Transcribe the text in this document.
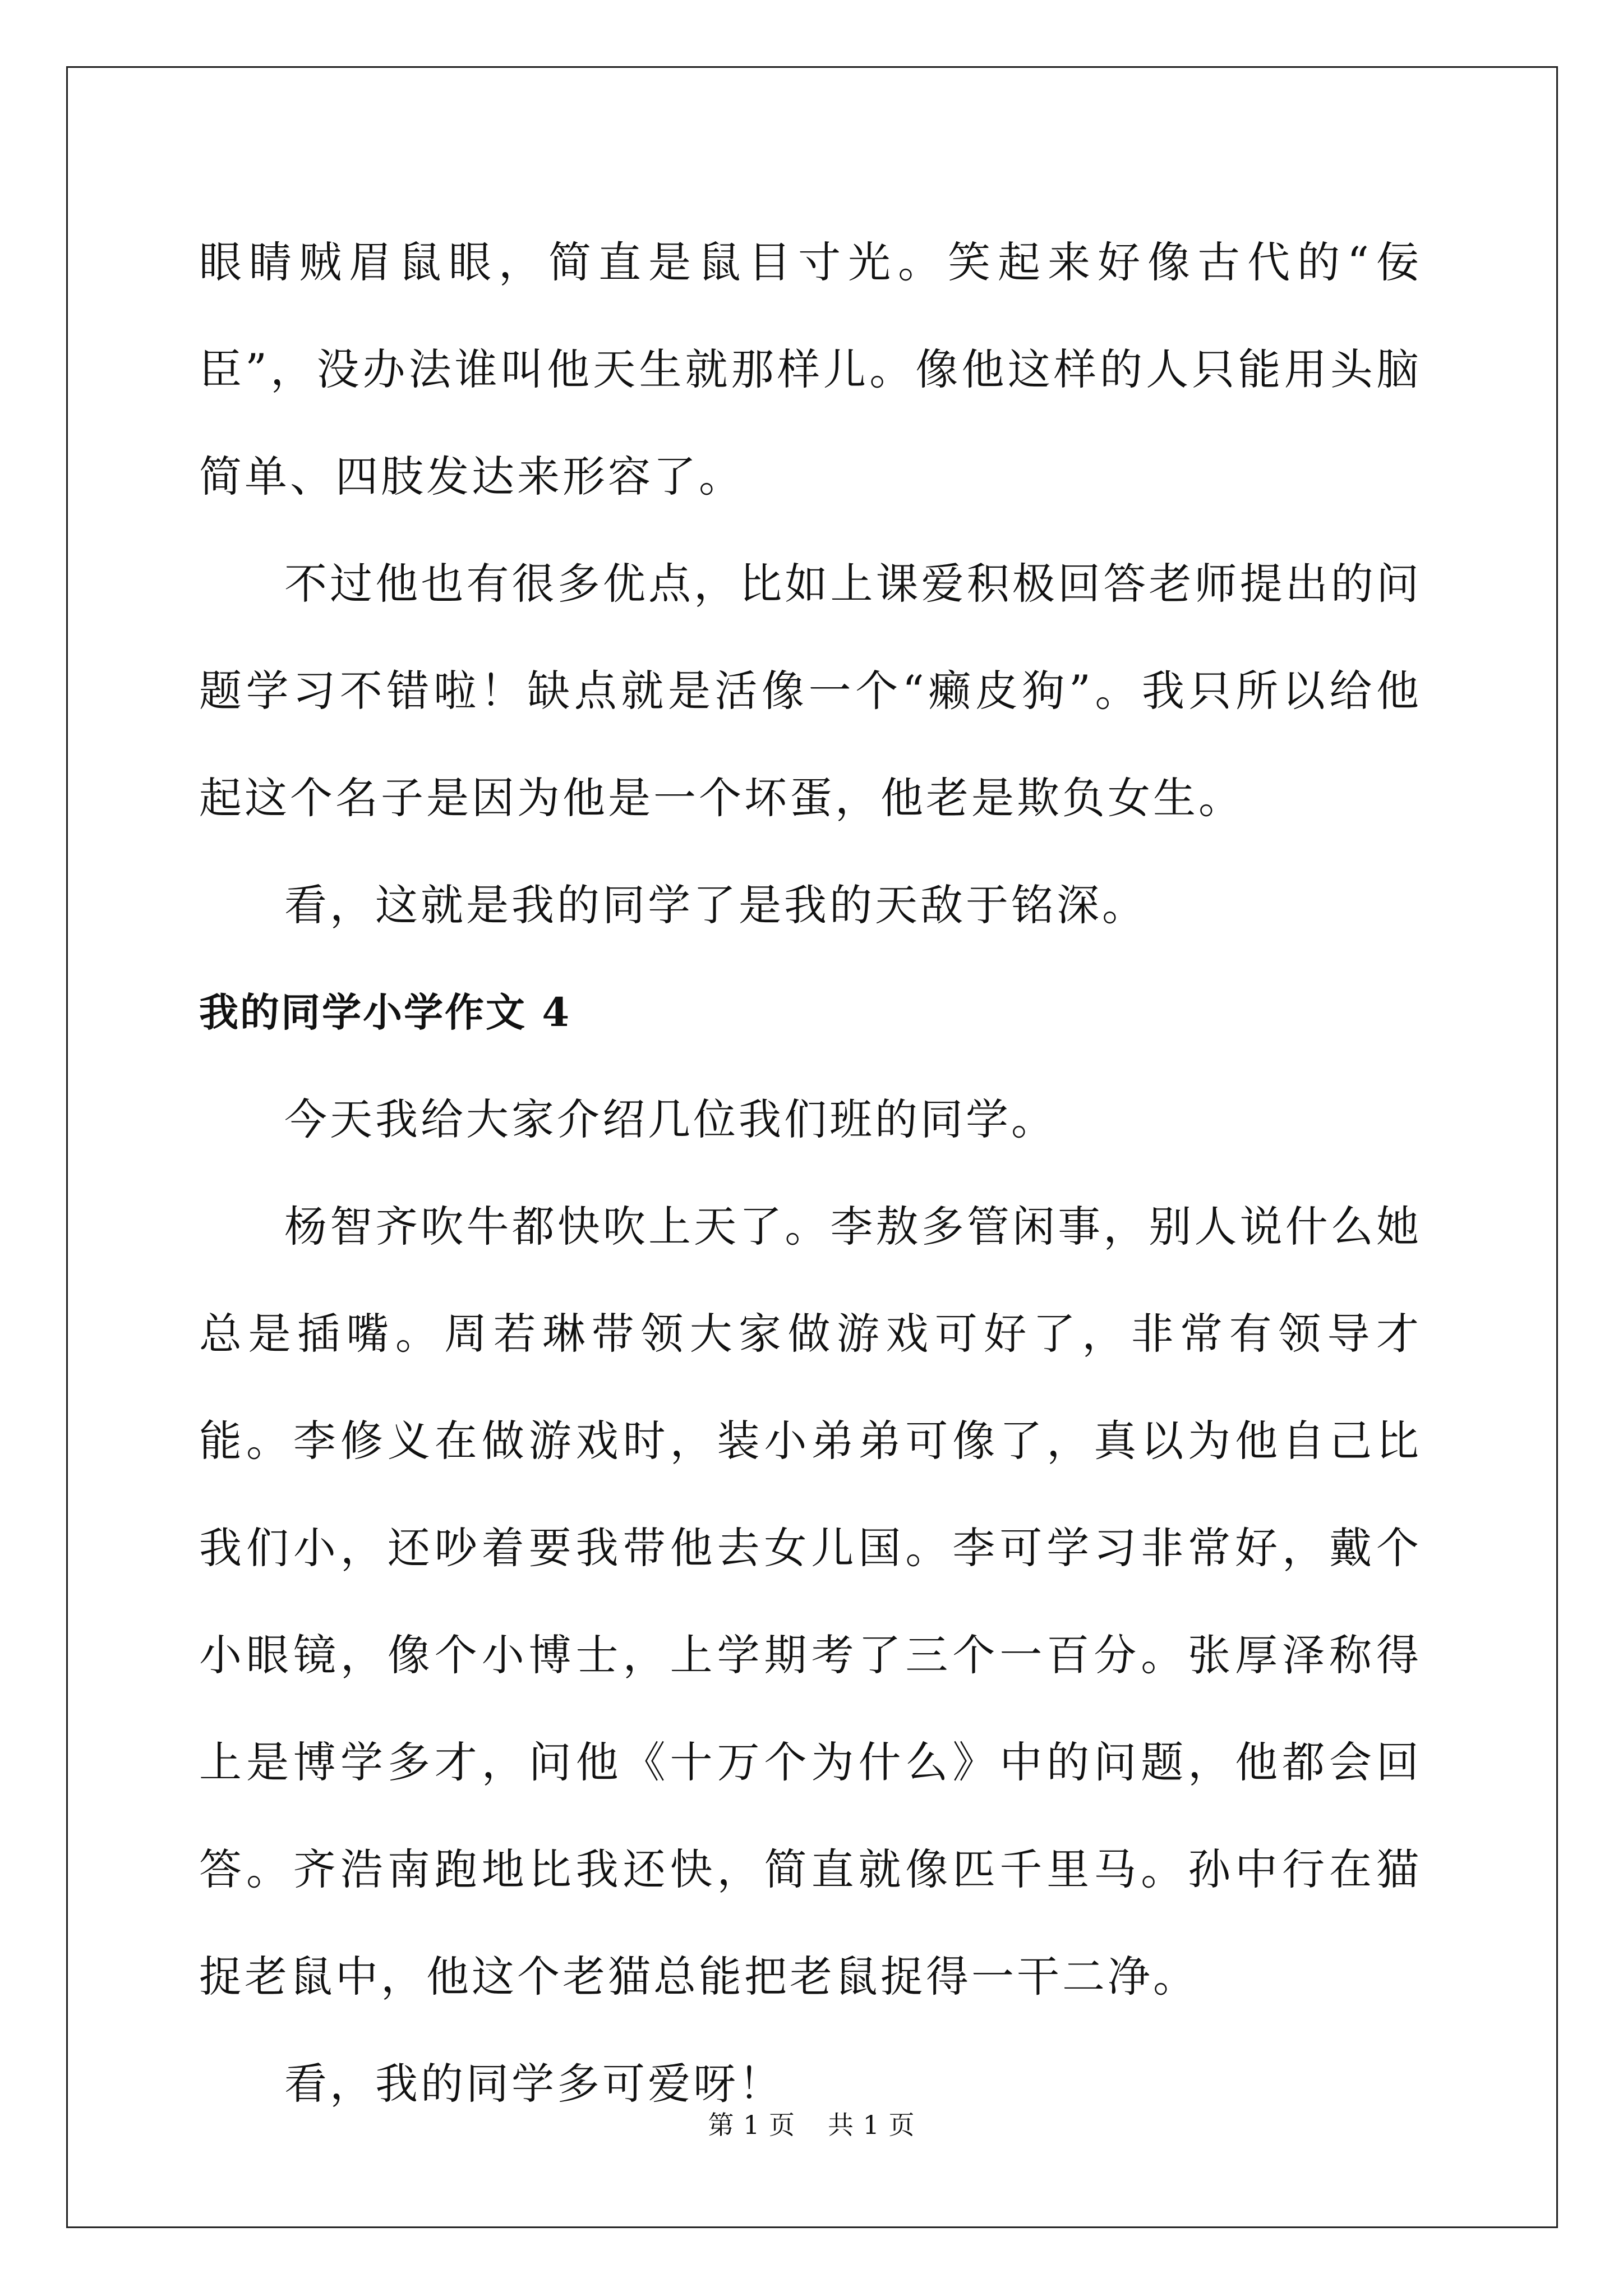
眼睛贼眉鼠眼，简直是鼠目寸光。笑起来好像古代的“佞臣”，没办法谁叫他天生就那样儿。像他这样的人只能用头脑简单、四肢发达来形容了。

不过他也有很多优点，比如上课爱积极回答老师提出的问题学习不错啦！缺点就是活像一个“癞皮狗”。我只所以给他起这个名子是因为他是一个坏蛋，他老是欺负女生。

看，这就是我的同学了是我的天敌于铭深。

我的同学小学作文 4

今天我给大家介绍几位我们班的同学。

杨智齐吹牛都快吹上天了。李敖多管闲事，别人说什么她总是插嘴。周若琳带领大家做游戏可好了，非常有领导才能。李修义在做游戏时，装小弟弟可像了，真以为他自己比我们小，还吵着要我带他去女儿国。李可学习非常好，戴个小眼镜，像个小博士，上学期考了三个一百分。张厚泽称得上是博学多才，问他《十万个为什么》中的问题，他都会回答。齐浩南跑地比我还快，简直就像匹千里马。孙中行在猫捉老鼠中，他这个老猫总能把老鼠捉得一干二净。

看，我的同学多可爱呀！

第 1 页 共 1 页
